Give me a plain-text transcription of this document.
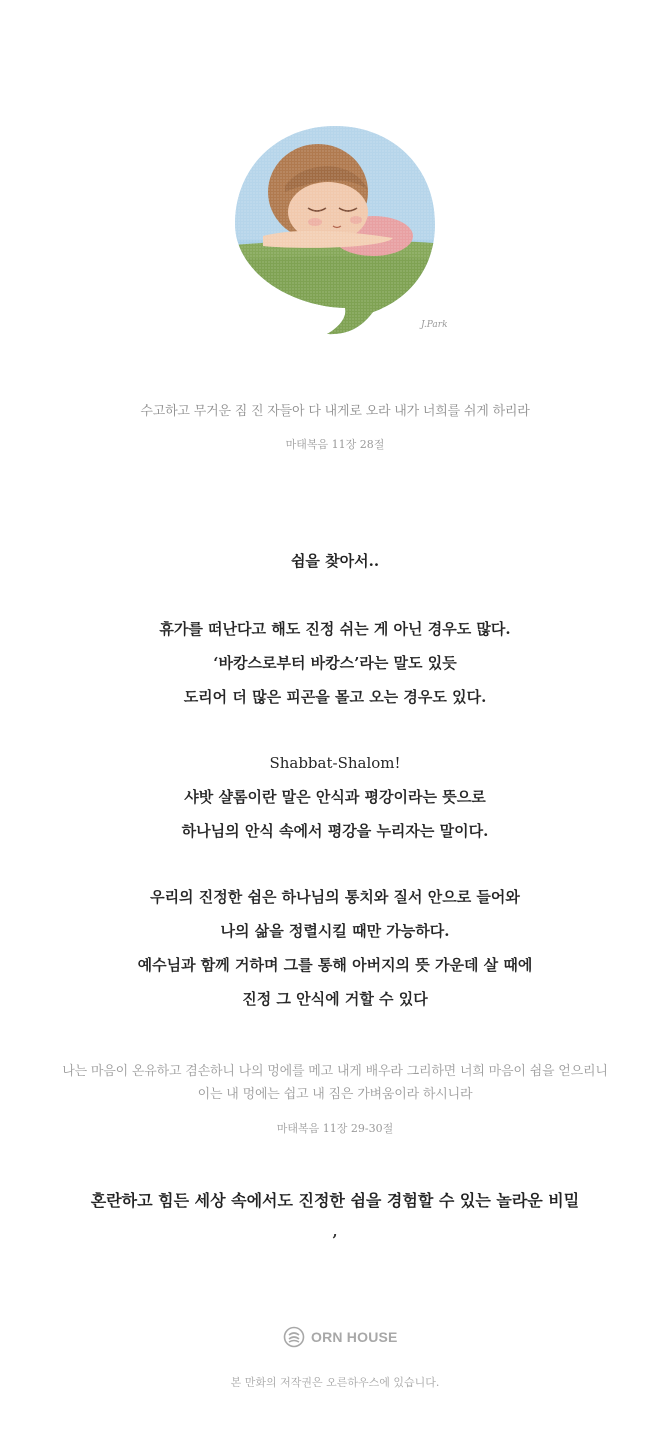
J.Park
수고하고 무거운 짐 진 자들아 다 내게로 오라 내가 너희를 쉬게 하리라
마태복음 11장 28절
쉼을 찾아서..
휴가를 떠난다고 해도 진정 쉬는 게 아닌 경우도 많다.
‘바캉스로부터 바캉스’라는 말도 있듯
도리어 더 많은 피곤을 몰고 오는 경우도 있다.
Shabbat-Shalom!
샤밧 샬롬이란 말은 안식과 평강이라는 뜻으로
하나님의 안식 속에서 평강을 누리자는 말이다.
우리의 진정한 쉼은 하나님의 통치와 질서 안으로 들어와
나의 삶을 정렬시킬 때만 가능하다.
예수님과 함께 거하며 그를 통해 아버지의 뜻 가운데 살 때에
진정 그 안식에 거할 수 있다
나는 마음이 온유하고 겸손하니 나의 멍에를 메고 내게 배우라 그리하면 너희 마음이 쉼을 얻으리니
이는 내 멍에는 쉽고 내 짐은 가벼움이라 하시니라
마태복음 11장 29-30절
혼란하고 힘든 세상 속에서도 진정한 쉼을 경험할 수 있는 놀라운 비밀
,
ORN HOUSE
본 만화의 저작권은 오른하우스에 있습니다.
